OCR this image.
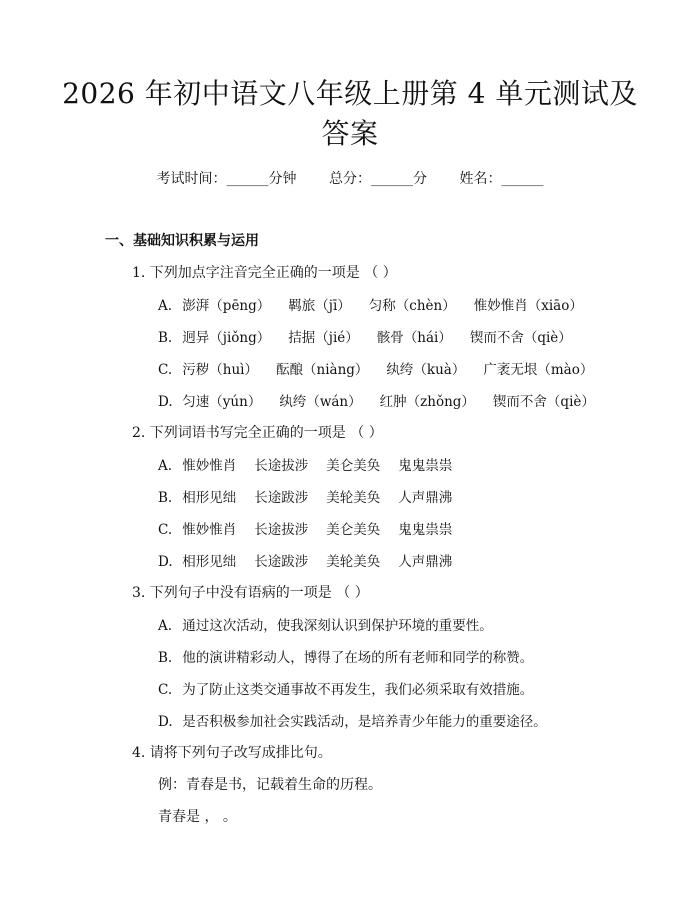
2026 年初中语文八年级上册第 4 单元测试及
答案
考试时间：______分钟 总分：______分 姓名：______
一、基础知识积累与运用
1. 下列加点字注音完全正确的一项是 （ ）
A. 澎湃（pēng） 羁旅（jī） 匀称（chèn） 惟妙惟肖（xiāo）
B. 迥异（jiǒng） 拮据（jié） 骸骨（hái） 锲而不舍（qiè）
C. 污秽（huì） 酝酿（niàng） 纨绔（kuà） 广袤无垠（mào）
D. 匀速（yún） 纨绔（wán） 红肿（zhǒng） 锲而不舍（qiè）
2. 下列词语书写完全正确的一项是 （ ）
A. 惟妙惟肖 长途拔涉 美仑美奂 鬼鬼祟祟
B. 相形见绌 长途跋涉 美轮美奂 人声鼎沸
C. 惟妙惟肖 长途拔涉 美仑美奂 鬼鬼祟祟
D. 相形见绌 长途跋涉 美轮美奂 人声鼎沸
3. 下列句子中没有语病的一项是 （ ）
A. 通过这次活动，使我深刻认识到保护环境的重要性。
B. 他的演讲精彩动人，博得了在场的所有老师和同学的称赞。
C. 为了防止这类交通事故不再发生，我们必须采取有效措施。
D. 是否积极参加社会实践活动，是培养青少年能力的重要途径。
4. 请将下列句子改写成排比句。
例：青春是书，记载着生命的历程。
青春是 ， 。
